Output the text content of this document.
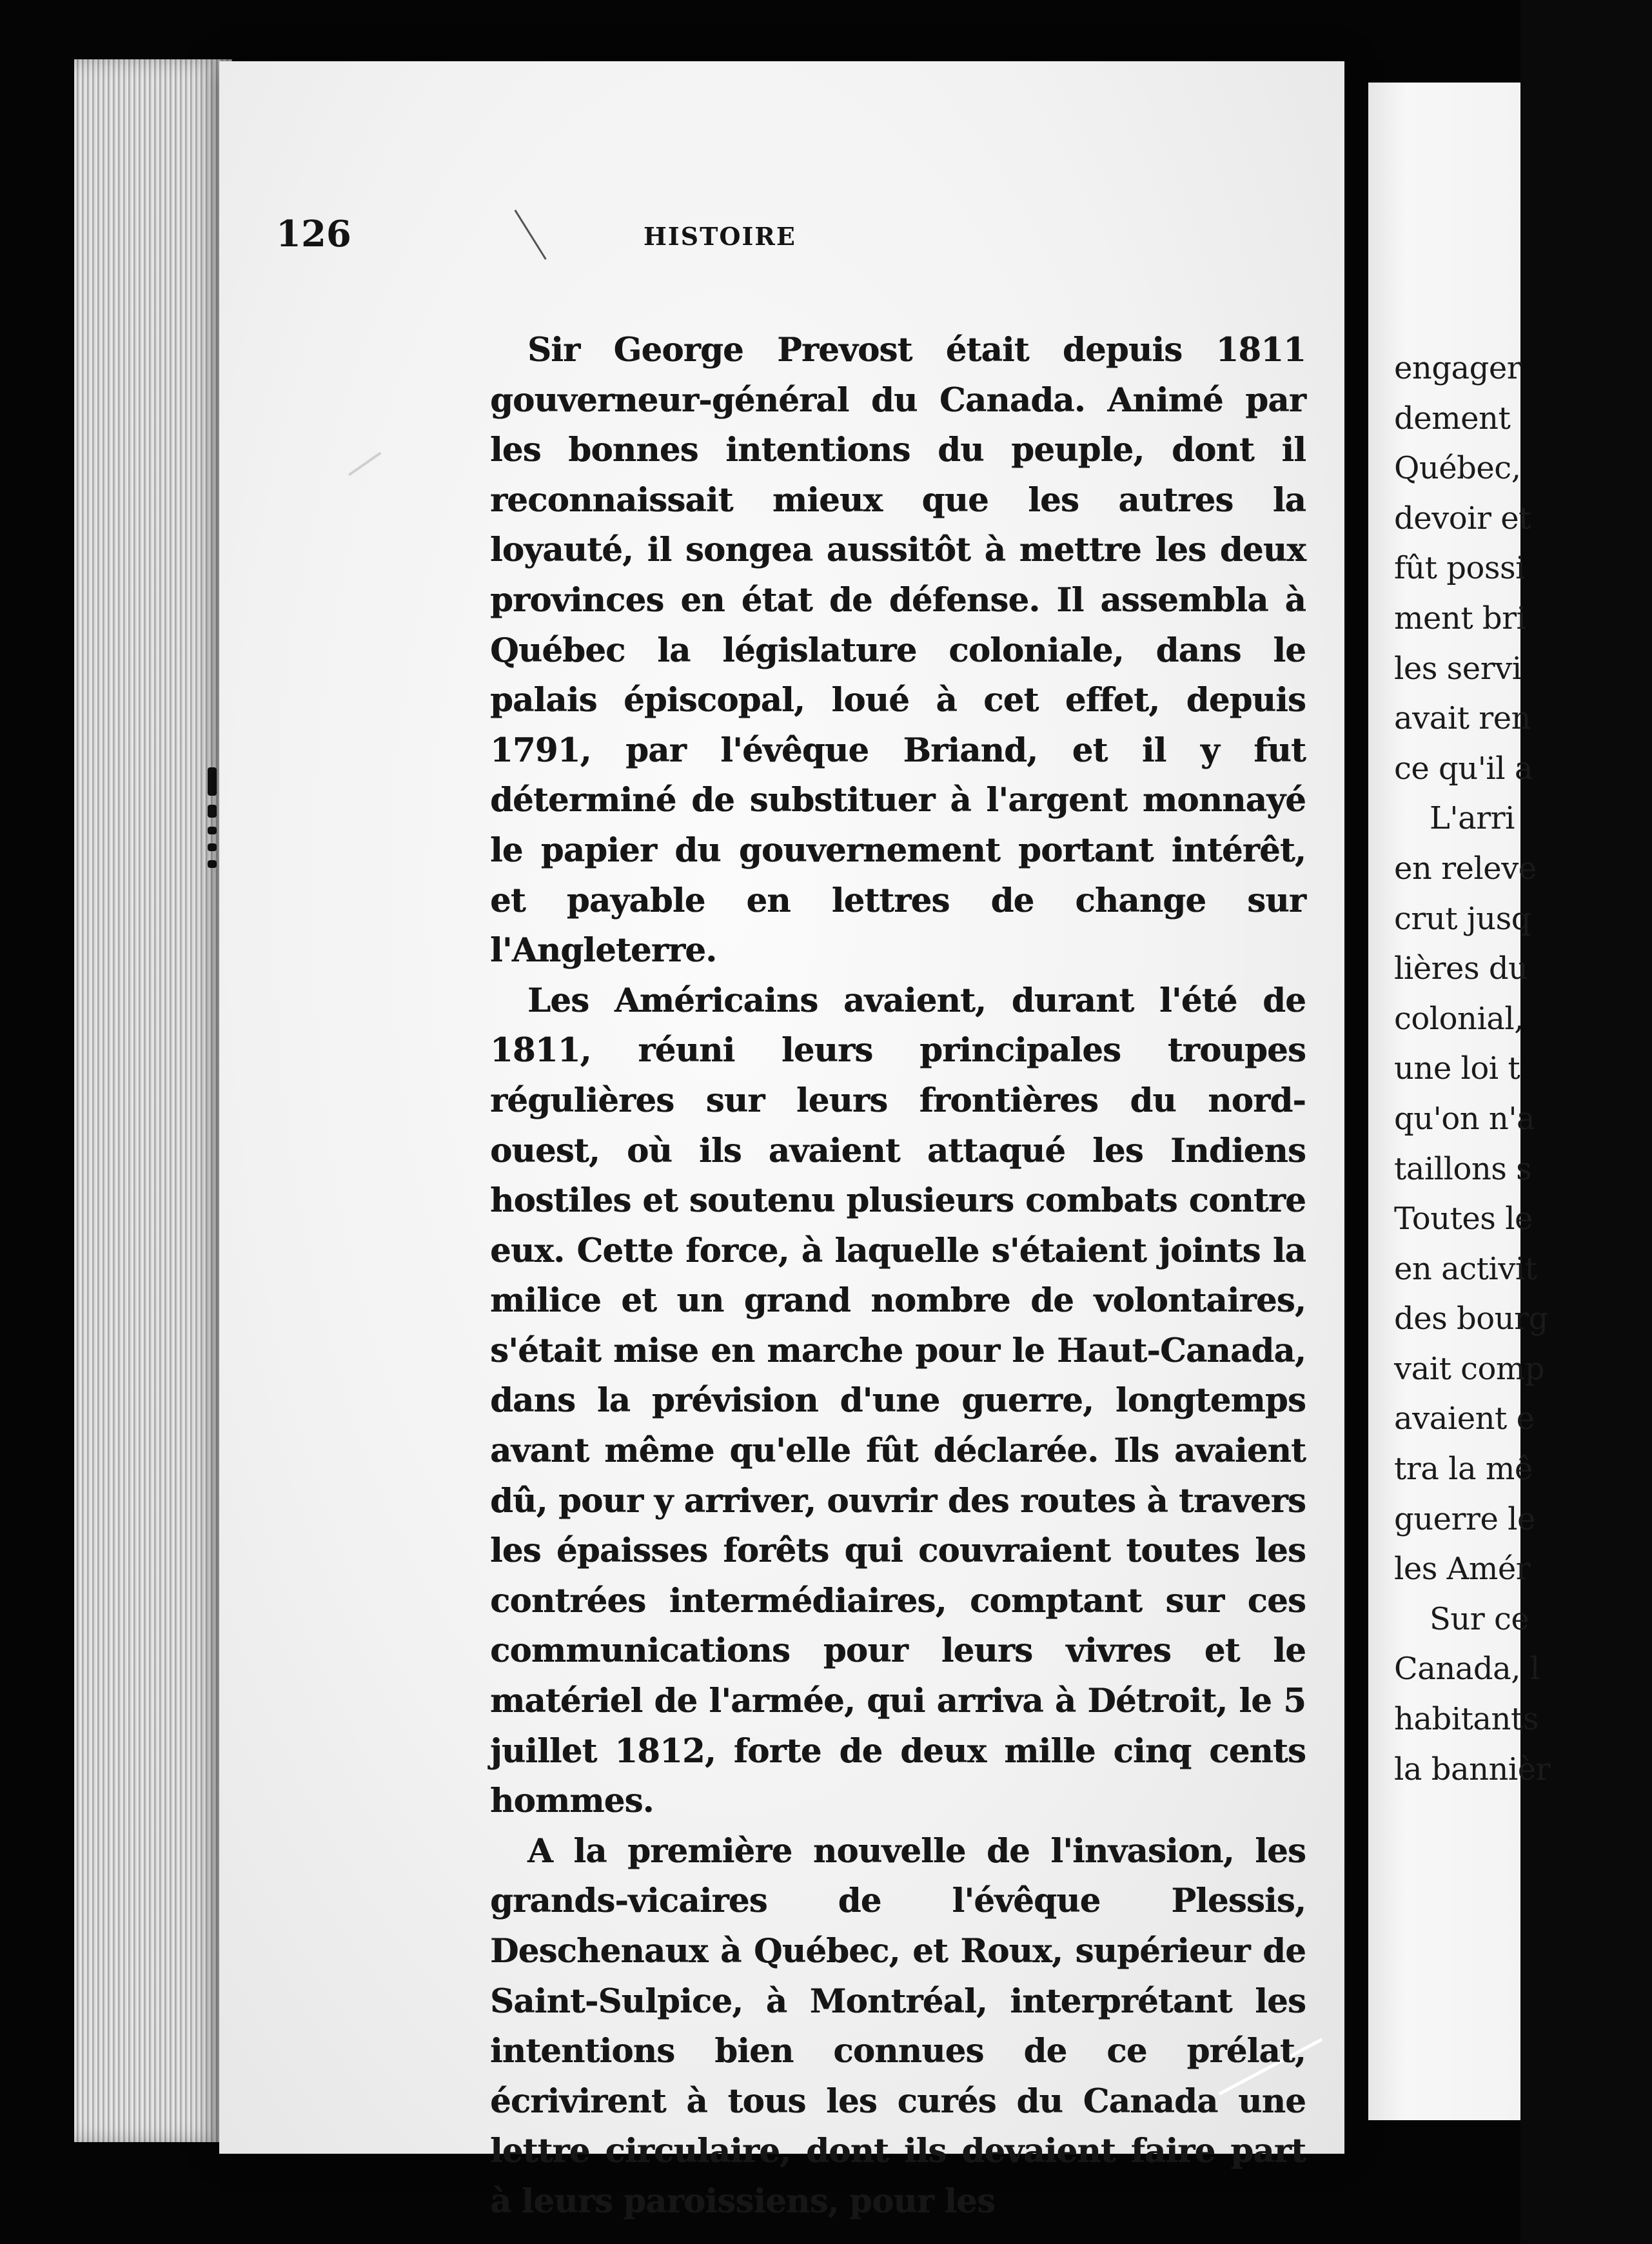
126	HISTOIRE

Sir George Prevost était depuis 1811 gouverneur-général du Canada. Animé par les bonnes intentions du peuple, dont il reconnaissait mieux que les autres la loyauté, il songea aussitôt à mettre les deux provinces en état de défense. Il assembla à Québec la législature coloniale, dans le palais épiscopal, loué à cet effet, depuis 1791, par l'évêque Briand, et il y fut déterminé de substituer à l'argent monnayé le papier du gouvernement portant intérêt, et payable en lettres de change sur l'Angleterre.

Les Américains avaient, durant l'été de 1811, réuni leurs principales troupes régulières sur leurs frontières du nord-ouest, où ils avaient attaqué les Indiens hostiles et soutenu plusieurs combats contre eux. Cette force, à laquelle s'étaient joints la milice et un grand nombre de volontaires, s'était mise en marche pour le Haut-Canada, dans la prévision d'une guerre, longtemps avant même qu'elle fût déclarée. Ils avaient dû, pour y arriver, ouvrir des routes à travers les épaisses forêts qui couvraient toutes les contrées intermédiaires, comptant sur ces communications pour leurs vivres et le matériel de l'armée, qui arriva à Détroit, le 5 juillet 1812, forte de deux mille cinq cents hommes.

A la première nouvelle de l'invasion, les grands-vicaires de l'évêque Plessis, Deschenaux à Québec, et Roux, supérieur de Saint-Sulpice, à Montréal, interprétant les intentions bien connues de ce prélat, écrivirent à tous les curés du Canada une lettre circulaire, dont ils devaient faire part à leurs paroissiens, pour les

engager
dement
Québec,
devoir et
fût possi
ment bri
les servi
avait ren
ce qu'il a
L'arri
en releve
crut jusq
lières du
colonial,
une loi t
qu'on n'a
taillons s
Toutes le
en activit
des bourg
vait comp
avaient e
tra la mê
guerre le
les Amér
Sur ce
Canada, l
habitants
la bannièr
